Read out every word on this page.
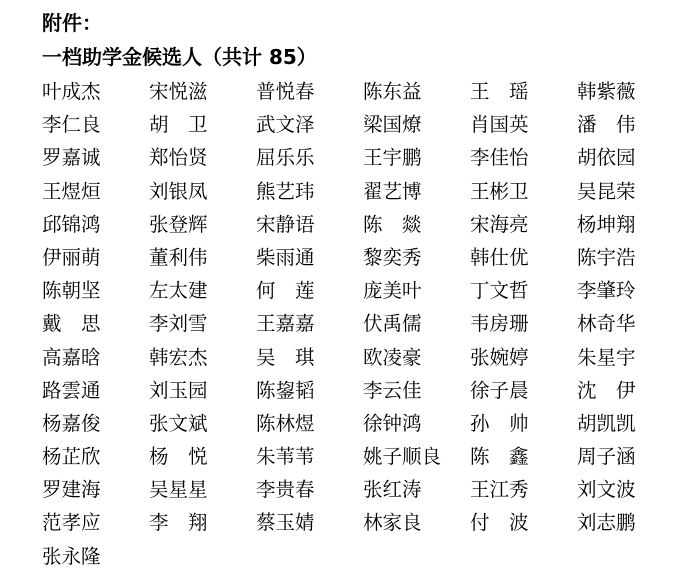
附件：
一档助学金候选人（共计 85）
叶成杰	宋悦滋	普悦春	陈东益	王　瑶	韩紫薇
李仁良	胡　卫	武文泽	梁国燎	肖国英	潘　伟
罗嘉诚	郑怡贤	屈乐乐	王宇鹏	李佳怡	胡依园
王煜烜	刘银凤	熊艺玮	翟艺博	王彬卫	吴昆荣
邱锦鸿	张登辉	宋静语	陈　燚	宋海亮	杨坤翔
伊丽萌	董利伟	柴雨通	黎奕秀	韩仕优	陈宇浩
陈朝坚	左太建	何　莲	庞美叶	丁文哲	李肇玲
戴　思	李刘雪	王嘉嘉	伏禹儒	韦房珊	林奇华
高嘉晗	韩宏杰	吴　琪	欧凌豪	张婉婷	朱星宇
路雲通	刘玉园	陈鋆韬	李云佳	徐子晨	沈　伊
杨嘉俊	张文斌	陈林煜	徐钟鸿	孙　帅	胡凯凯
杨芷欣	杨　悦	朱苇苇	姚子顺良	陈　鑫	周子涵
罗建海	吴星星	李贵春	张红涛	王江秀	刘文波
范孝应	李　翔	蔡玉婧	林家良	付　波	刘志鹏
张永隆
